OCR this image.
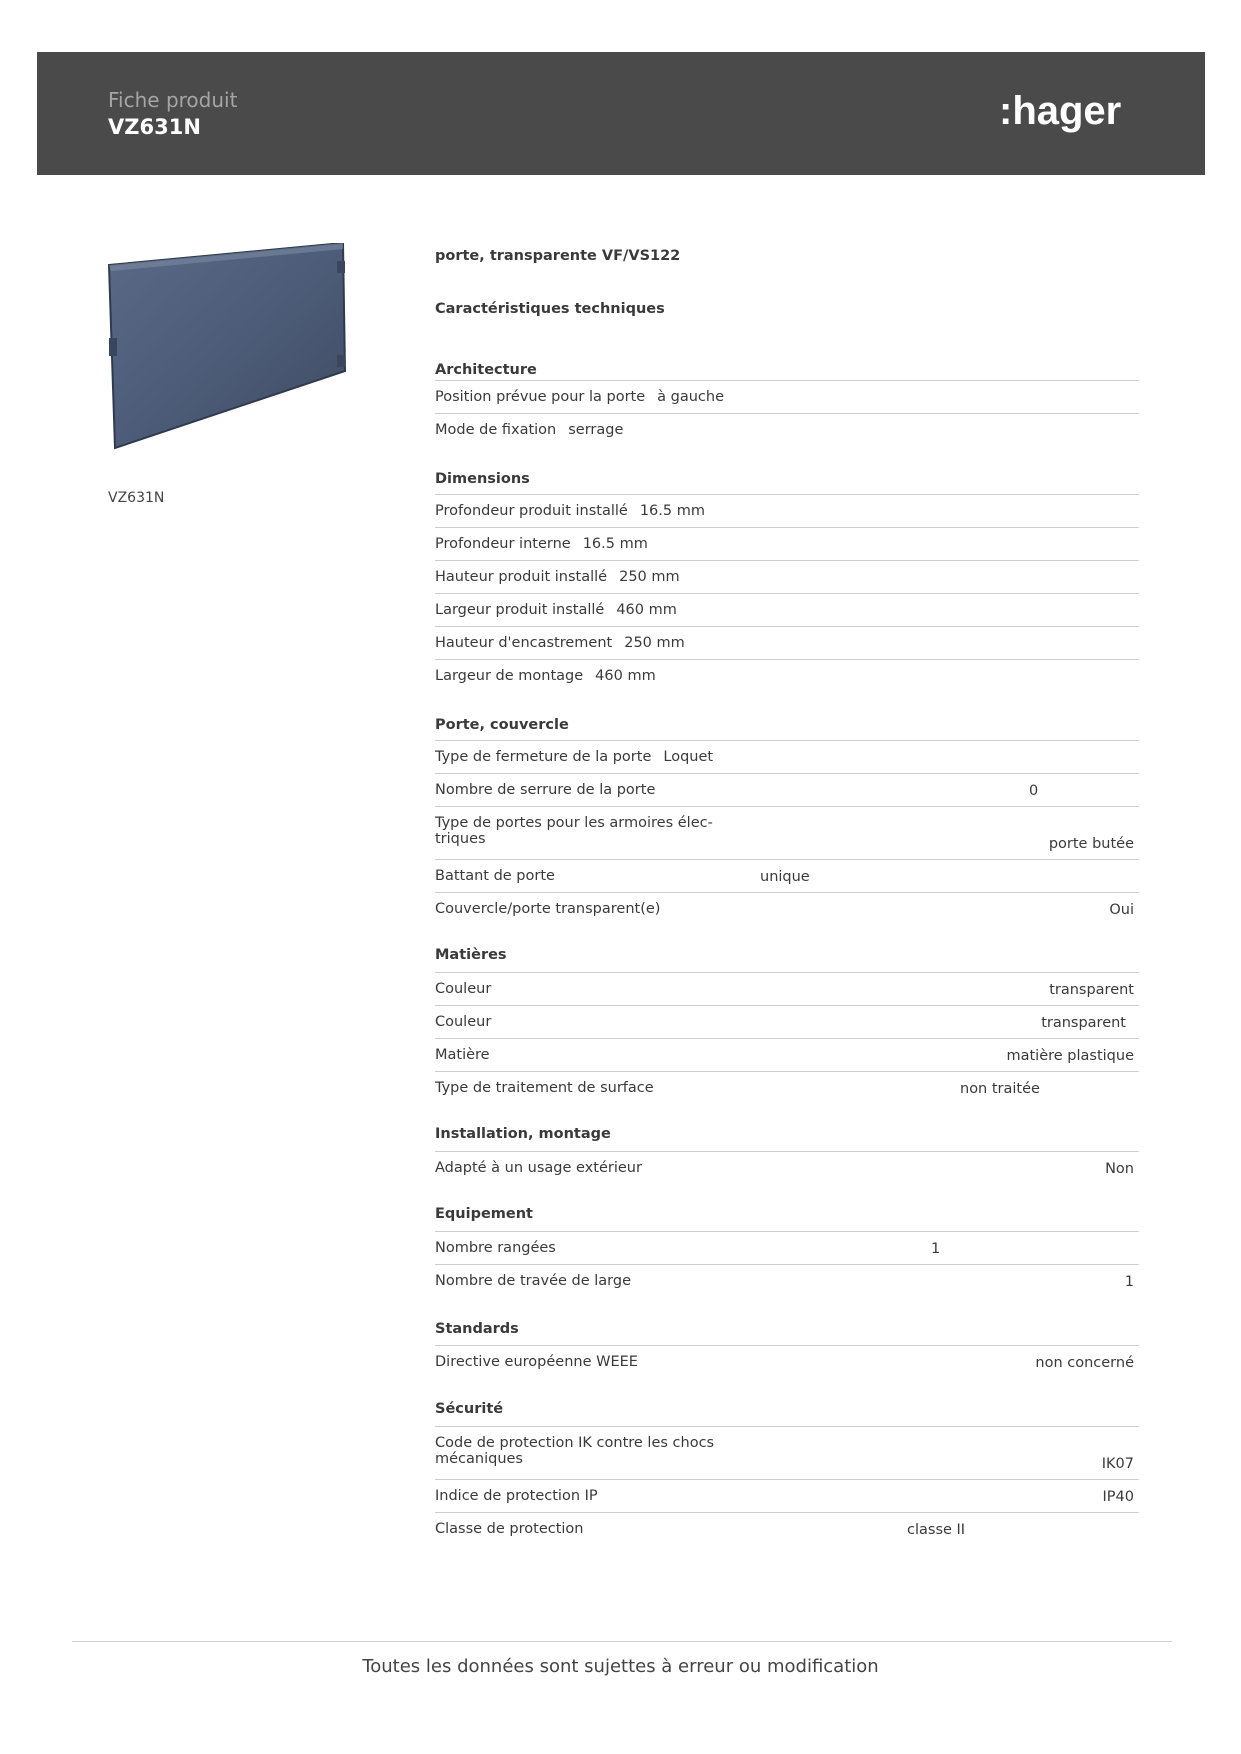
Fiche produit
VZ631N	:hager
VZ631N
porte, transparente VF/VS122
Caractéristiques techniques
Architecture
Position prévue pour la porte à gauche
Mode de fixation serrage
Dimensions
Profondeur produit installé 16.5 mm
Profondeur interne 16.5 mm
Hauteur produit installé 250 mm
Largeur produit installé 460 mm
Hauteur d'encastrement 250 mm
Largeur de montage 460 mm
Porte, couvercle
Type de fermeture de la porte Loquet
Nombre de serrure de la porte	0
Type de portes pour les armoires élec-
triques	porte butée
Battant de porte	unique
Couvercle/porte transparent(e)	Oui
Matières
Couleur	transparent
Couleur	transparent
Matière	matière plastique
Type de traitement de surface	non traitée
Installation, montage
Adapté à un usage extérieur	Non
Equipement
Nombre rangées	1
Nombre de travée de large	1
Standards
Directive européenne WEEE	non concerné
Sécurité
Code de protection IK contre les chocs
mécaniques	IK07
Indice de protection IP	IP40
Classe de protection	classe II
Toutes les données sont sujettes à erreur ou modification
